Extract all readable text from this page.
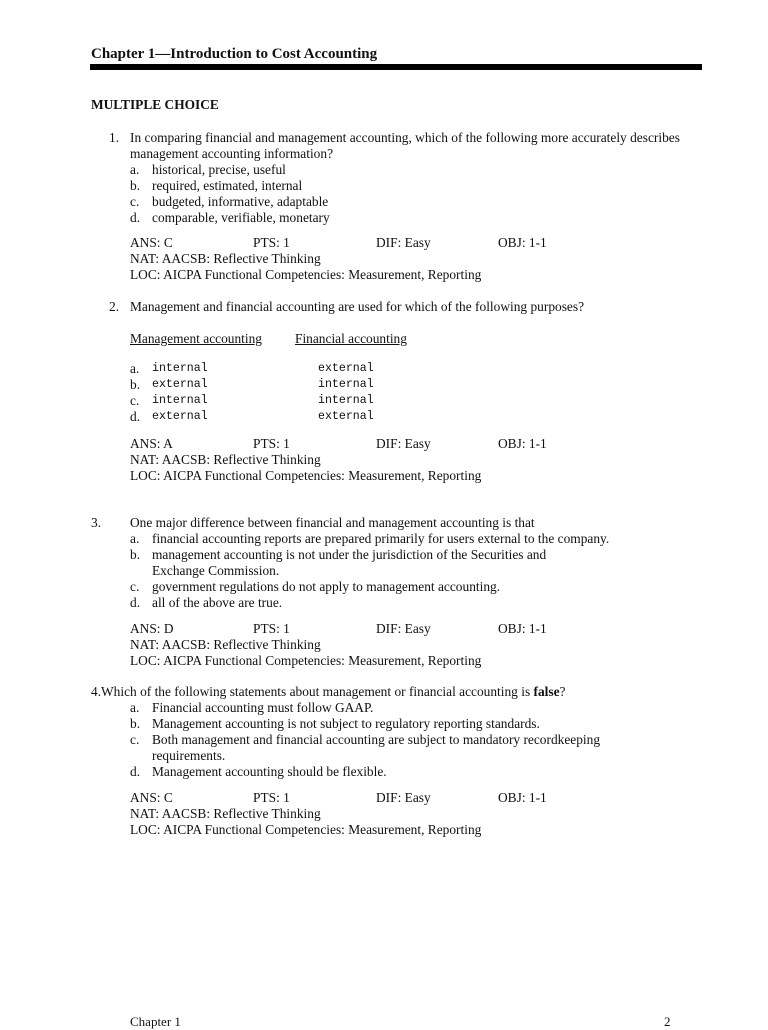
Chapter 1—Introduction to Cost Accounting
MULTIPLE CHOICE
1. In comparing financial and management accounting, which of the following more accurately describes management accounting information?
a. historical, precise, useful
b. required, estimated, internal
c. budgeted, informative, adaptable
d. comparable, verifiable, monetary
ANS: C	PTS: 1	DIF: Easy	OBJ: 1-1
NAT: AACSB: Reflective Thinking
LOC: AICPA Functional Competencies: Measurement, Reporting
2. Management and financial accounting are used for which of the following purposes?
Management accounting Financial accounting
a. internal	external
b. external	internal
c. internal	internal
d. external	external
ANS: A	PTS: 1	DIF: Easy	OBJ: 1-1
NAT: AACSB: Reflective Thinking
LOC: AICPA Functional Competencies: Measurement, Reporting
3. One major difference between financial and management accounting is that
a. financial accounting reports are prepared primarily for users external to the company.
b. management accounting is not under the jurisdiction of the Securities and Exchange Commission.
c. government regulations do not apply to management accounting.
d. all of the above are true.
ANS: D	PTS: 1	DIF: Easy	OBJ: 1-1
NAT: AACSB: Reflective Thinking
LOC: AICPA Functional Competencies: Measurement, Reporting
4.Which of the following statements about management or financial accounting is false?
a. Financial accounting must follow GAAP.
b. Management accounting is not subject to regulatory reporting standards.
c. Both management and financial accounting are subject to mandatory recordkeeping requirements.
d. Management accounting should be flexible.
ANS: C	PTS: 1	DIF: Easy	OBJ: 1-1
NAT: AACSB: Reflective Thinking
LOC: AICPA Functional Competencies: Measurement, Reporting
Chapter 1	2
